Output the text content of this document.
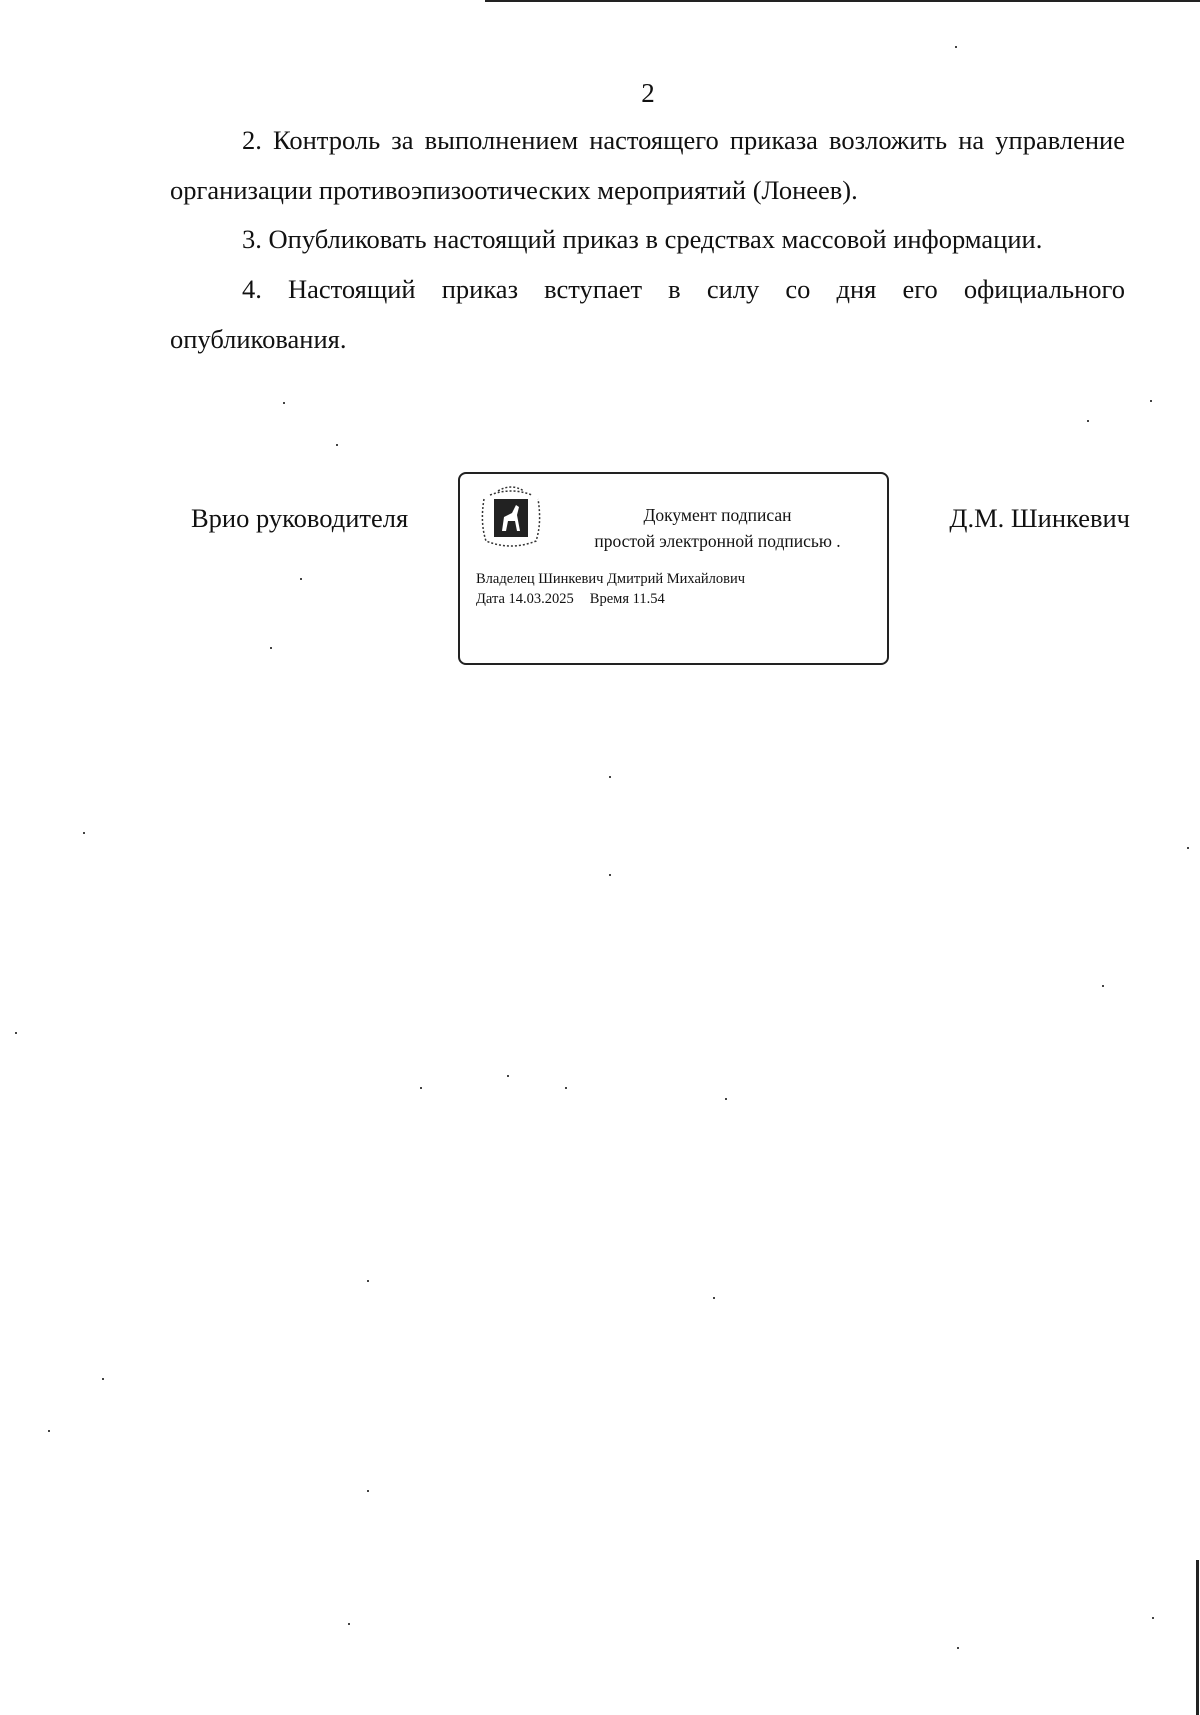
2
2. Контроль за выполнением настоящего приказа возложить на управление организации противоэпизоотических мероприятий (Лонеев).
3. Опубликовать настоящий приказ в средствах массовой информации.
4. Настоящий приказ вступает в силу со дня его официального опубликования.
Врио руководителя	Документ подписан
простой электронной подписью .
Владелец Шинкевич Дмитрий Михайлович
Дата 14.03.2025 Время 11.54
Д.М. Шинкевич
